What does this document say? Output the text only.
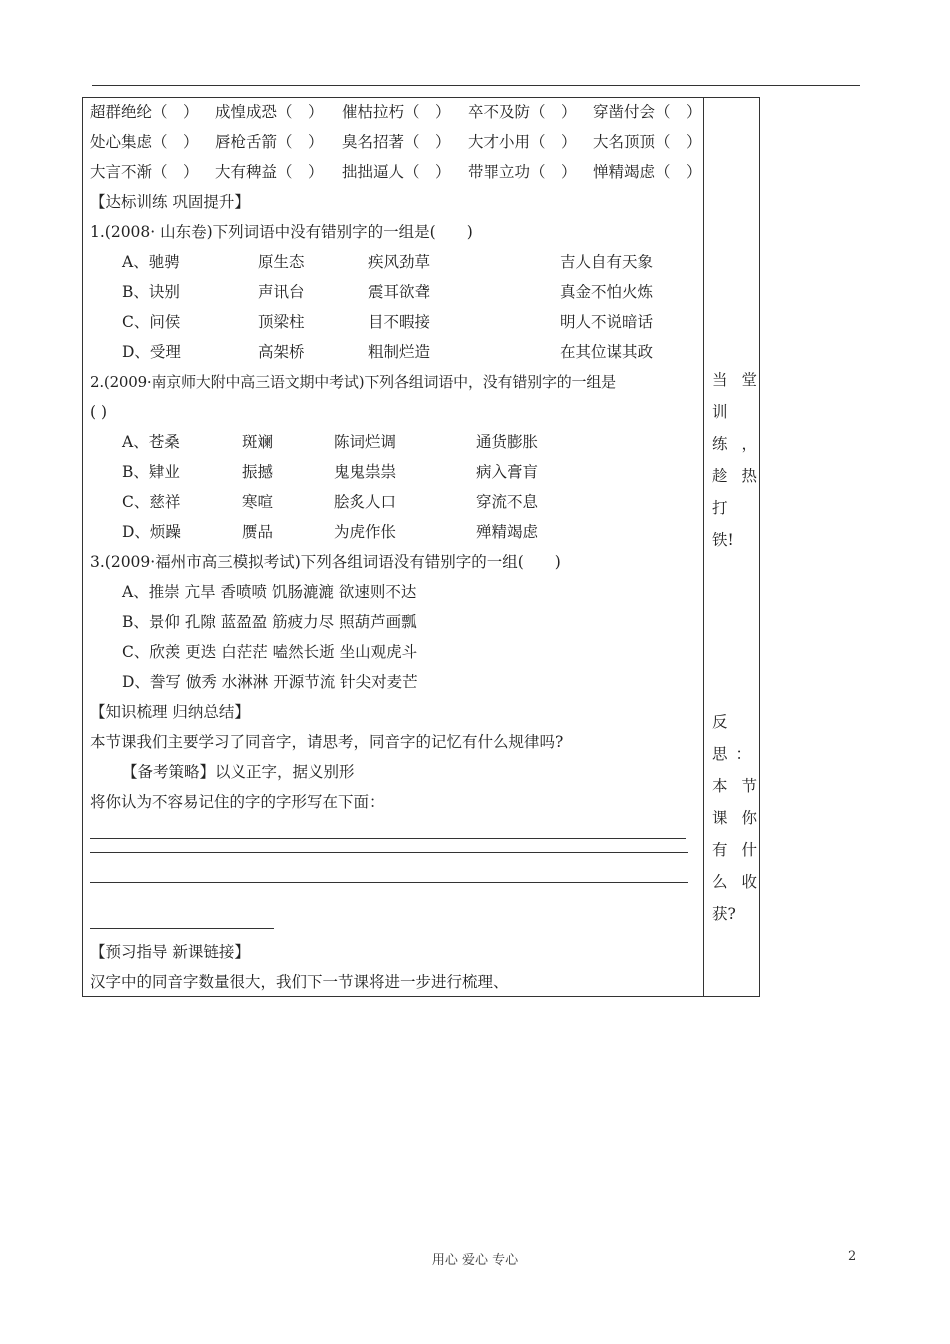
超群绝纶（　） 成惶成恐（　） 催枯拉朽（　） 卒不及防（　） 穿凿付会（　）
处心集虑（　） 唇枪舌箭（　） 臭名招著（　） 大才小用（　） 大名顶顶（　）
大言不渐（　） 大有稗益（　） 拙拙逼人（　） 带罪立功（　） 惮精竭虑（　）
【达标训练 巩固提升】
1.(2008· 山东卷)下列词语中没有错别字的一组是(　　)
A、驰骋	原生态	疾风劲草	吉人自有天象
B、诀别	声讯台	震耳欲聋	真金不怕火炼
C、问侯	顶梁柱	目不暇接	明人不说暗话
D、受理	高架桥	粗制烂造	在其位谋其政
2.(2009·南京师大附中高三语文期中考试)下列各组词语中，没有错别字的一组是
( )
A、苍桑	斑斓	陈词烂调	通货膨胀
B、肄业	振撼	鬼鬼祟祟	病入膏肓
C、慈祥	寒喧	脍炙人口	穿流不息
D、烦躁	赝品	为虎作伥	殚精竭虑
3.(2009·福州市高三模拟考试)下列各组词语没有错别字的一组(　　)
A、推崇 亢旱 香喷喷 饥肠漉漉 欲速则不达
B、景仰 孔隙 蓝盈盈 筋疲力尽 照葫芦画瓢
C、欣羡 更迭 白茫茫 嗑然长逝 坐山观虎斗
D、誊写 倣秀 水淋淋 开源节流 针尖对麦芒
【知识梳理 归纳总结】
本节课我们主要学习了同音字，请思考，同音字的记忆有什么规律吗?
【备考策略】以义正字，据义别形
将你认为不容易记住的字的字形写在下面：
【预习指导 新课链接】
汉字中的同音字数量很大，我们下一节课将进一步进行梳理、
当堂
训
练，
趁热
打
铁!
反
思：
本节
课你
有什
么收
获?
用心 爱心 专心	2
